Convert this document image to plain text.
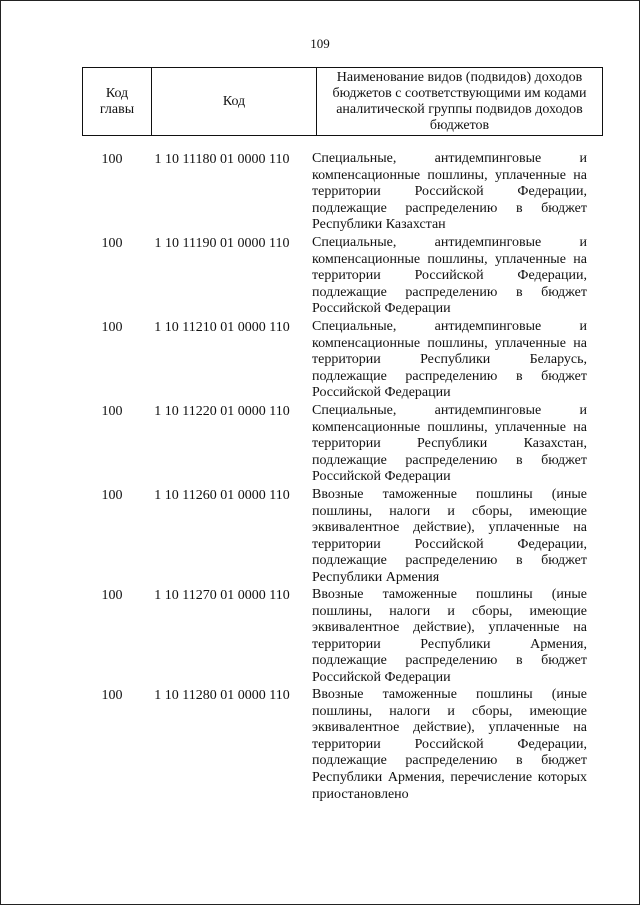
109
Код главы	Код	Наименование видов (подвидов) доходов бюджетов с соответствующими им кодами аналитической группы подвидов доходов бюджетов
100	1 10 11180 01 0000 110	Специальные, антидемпинговые и компенсационные пошлины, уплаченные на территории Российской Федерации, подлежащие распределению в бюджет Республики Казахстан
100	1 10 11190 01 0000 110	Специальные, антидемпинговые и компенсационные пошлины, уплаченные на территории Российской Федерации, подлежащие распределению в бюджет Российской Федерации
100	1 10 11210 01 0000 110	Специальные, антидемпинговые и компенсационные пошлины, уплаченные на территории Республики Беларусь, подлежащие распределению в бюджет Российской Федерации
100	1 10 11220 01 0000 110	Специальные, антидемпинговые и компенсационные пошлины, уплаченные на территории Республики Казахстан, подлежащие распределению в бюджет Российской Федерации
100	1 10 11260 01 0000 110	Ввозные таможенные пошлины (иные пошлины, налоги и сборы, имеющие эквивалентное действие), уплаченные на территории Российской Федерации, подлежащие распределению в бюджет Республики Армения
100	1 10 11270 01 0000 110	Ввозные таможенные пошлины (иные пошлины, налоги и сборы, имеющие эквивалентное действие), уплаченные на территории Республики Армения, подлежащие распределению в бюджет Российской Федерации
100	1 10 11280 01 0000 110	Ввозные таможенные пошлины (иные пошлины, налоги и сборы, имеющие эквивалентное действие), уплаченные на территории Российской Федерации, подлежащие распределению в бюджет Республики Армения, перечисление которых приостановлено
